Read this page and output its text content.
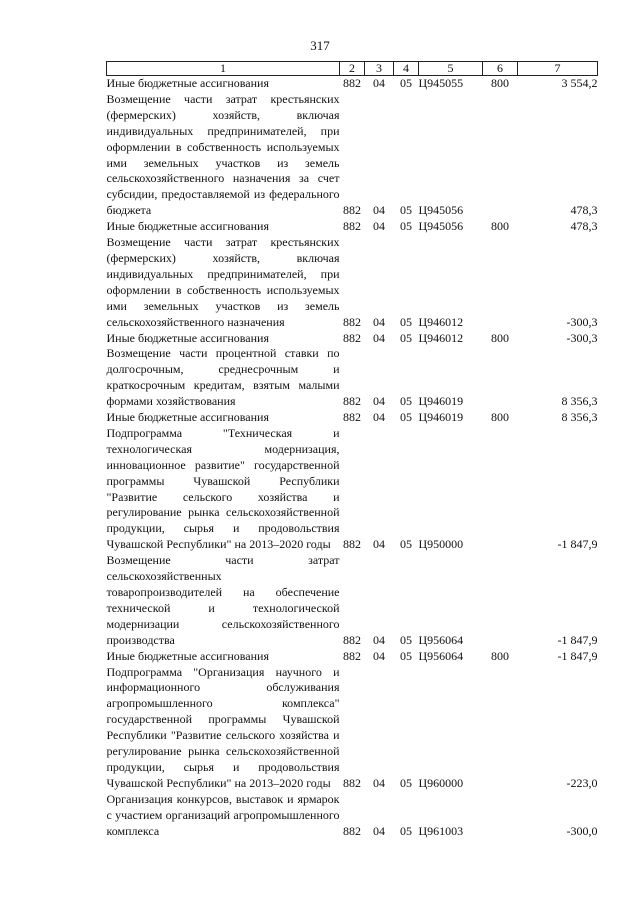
317
1	2	3	4	5	6	7
Иные бюджетные ассигнования	882	04	05	Ц945055	800	3 554,2
Возмещение части затрат крестьянских (фермерских) хозяйств, включая индивидуальных предпринимателей, при оформлении в собственность используемых ими земельных участков из земель сельскохозяйственного назначения за счет субсидии, предоставляемой из федерального бюджета	882	04	05	Ц945056		478,3
Иные бюджетные ассигнования	882	04	05	Ц945056	800	478,3
Возмещение части затрат крестьянских (фермерских) хозяйств, включая индивидуальных предпринимателей, при оформлении в собственность используемых ими земельных участков из земель сельскохозяйственного назначения	882	04	05	Ц946012		-300,3
Иные бюджетные ассигнования	882	04	05	Ц946012	800	-300,3
Возмещение части процентной ставки по долгосрочным, среднесрочным и краткосрочным кредитам, взятым малыми формами хозяйствования	882	04	05	Ц946019		8 356,3
Иные бюджетные ассигнования	882	04	05	Ц946019	800	8 356,3
Подпрограмма "Техническая и технологическая модернизация, инновационное развитие" государственной программы Чувашской Республики "Развитие сельского хозяйства и регулирование рынка сельскохозяйственной продукции, сырья и продовольствия Чувашской Республики" на 2013–2020 годы	882	04	05	Ц950000		-1 847,9
Возмещение части затрат сельскохозяйственных товаропроизводителей на обеспечение технической и технологической модернизации сельскохозяйственного производства	882	04	05	Ц956064		-1 847,9
Иные бюджетные ассигнования	882	04	05	Ц956064	800	-1 847,9
Подпрограмма "Организация научного и информационного обслуживания агропромышленного комплекса" государственной программы Чувашской Республики "Развитие сельского хозяйства и регулирование рынка сельскохозяйственной продукции, сырья и продовольствия Чувашской Республики" на 2013–2020 годы	882	04	05	Ц960000		-223,0
Организация конкурсов, выставок и ярмарок с участием организаций агропромышленного комплекса	882	04	05	Ц961003		-300,0
